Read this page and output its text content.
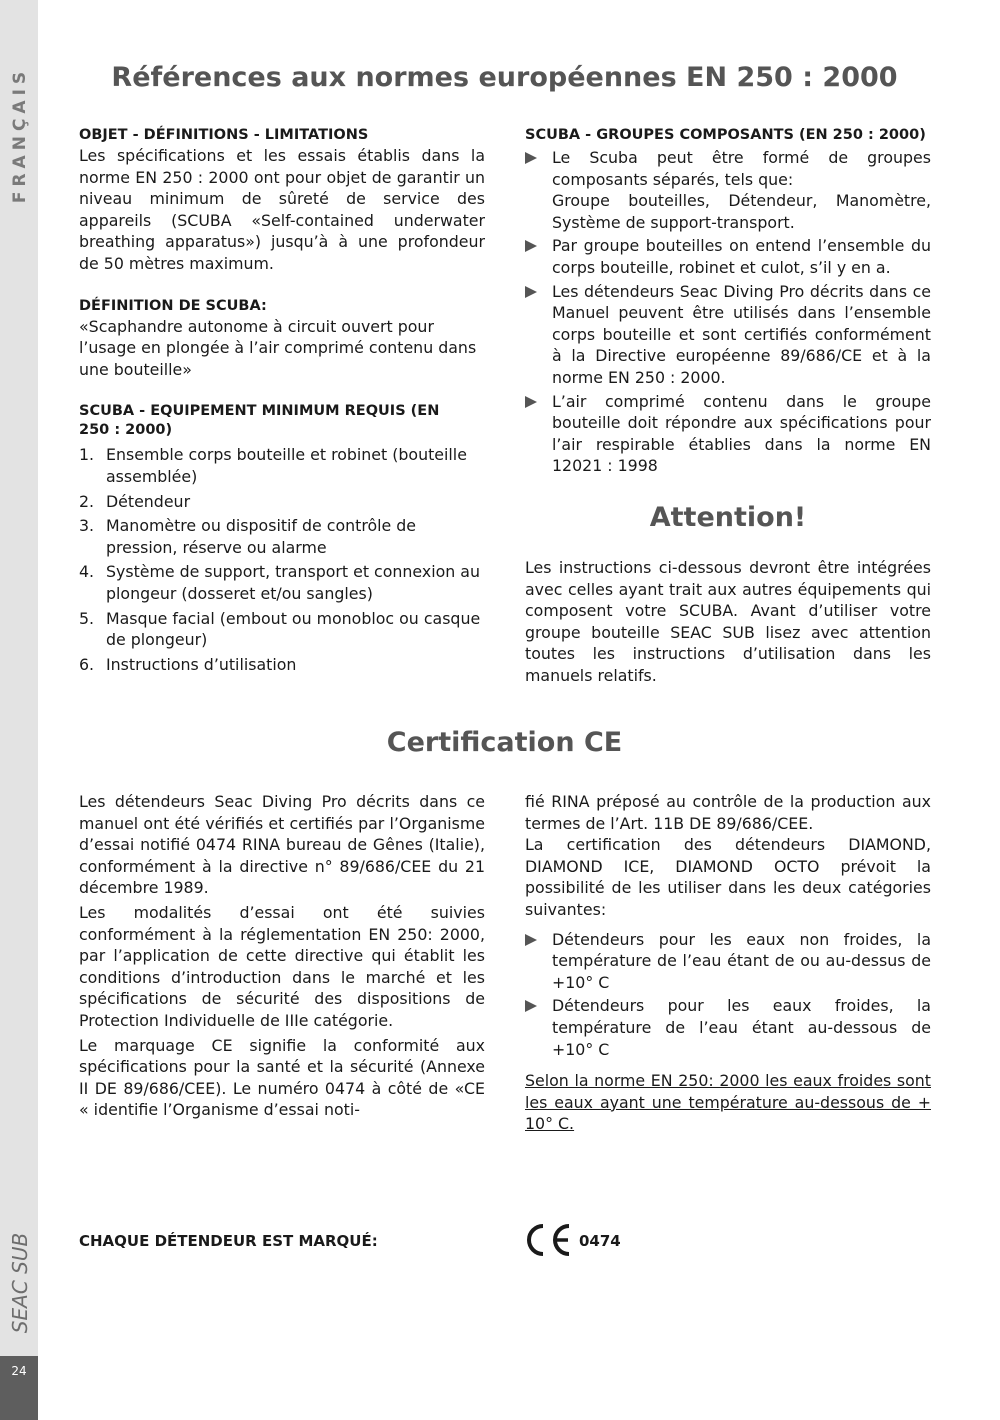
FRANÇAIS
SEAC SUB
24
Références aux normes européennes EN 250 : 2000
OBJET - DÉFINITIONS - LIMITATIONS

Les spécifications et les essais établis dans la norme EN 250 : 2000 ont pour objet de garantir un niveau minimum de sûreté de service des appareils (SCUBA «Self-contained underwater breathing apparatus») jusqu’à à une profondeur de 50 mètres maximum.

DÉFINITION DE SCUBA:

«Scaphandre autonome à circuit ouvert pour l’usage en plongée à l’air comprimé contenu dans une bouteille»

SCUBA - EQUIPEMENT MINIMUM REQUIS (EN 250 : 2000)
1. Ensemble corps bouteille et robinet (bouteille assemblée)
2. Détendeur
3. Manomètre ou dispositif de contrôle de pression, réserve ou alarme
4. Système de support, transport et connexion au plongeur (dosseret et/ou sangles)
5. Masque facial (embout ou monobloc ou casque de plongeur)
6. Instructions d’utilisation
SCUBA - GROUPES COMPOSANTS (EN 250 : 2000)
Le Scuba peut être formé de groupes composants séparés, tels que:
Groupe bouteilles, Détendeur, Manomètre, Système de support-transport.
Par groupe bouteilles on entend l’ensemble du corps bouteille, robinet et culot, s’il y en a.
Les détendeurs Seac Diving Pro décrits dans ce Manuel peuvent être utilisés dans l’ensemble corps bouteille et sont certifiés conformément à la Directive européenne 89/686/CE et à la norme EN 250 : 2000.
L’air comprimé contenu dans le groupe bouteille doit répondre aux spécifications pour l’air respirable établies dans la norme EN 12021 : 1998
Attention!

Les instructions ci-dessous devront être intégrées avec celles ayant trait aux autres équipements qui composent votre SCUBA. Avant d’utiliser votre groupe bouteille SEAC SUB lisez avec attention toutes les instructions d’utilisation dans les manuels relatifs.

Certification CE

Les détendeurs Seac Diving Pro décrits dans ce manuel ont été vérifiés et certifiés par l’Organisme d’essai notifié 0474 RINA bureau de Gênes (Italie), conformément à la directive n° 89/686/CEE du 21 décembre 1989.

Les modalités d’essai ont été suivies conformément à la réglementation EN 250: 2000, par l’application de cette directive qui établit les conditions d’introduction dans le marché et les spécifications de sécurité des dispositions de Protection Individuelle de IIIe catégorie.

Le marquage CE signifie la conformité aux spécifications pour la santé et la sécurité (Annexe II DE 89/686/CEE). Le numéro 0474 à côté de «CE « identifie l’Organisme d’essai noti-

fié RINA préposé au contrôle de la production aux termes de l’Art. 11B DE 89/686/CEE.

La certification des détendeurs DIAMOND, DIAMOND ICE, DIAMOND OCTO prévoit la possibilité de les utiliser dans les deux catégories suivantes:

Détendeurs pour les eaux non froides, la température de l’eau étant de ou au-dessus de +10° C
Détendeurs pour les eaux froides, la température de l’eau étant au-dessous de +10° C

Selon la norme EN 250: 2000 les eaux froides sont les eaux ayant une température au-dessous de + 10° C.

CHAQUE DÉTENDEUR EST MARQUÉ:	0474
